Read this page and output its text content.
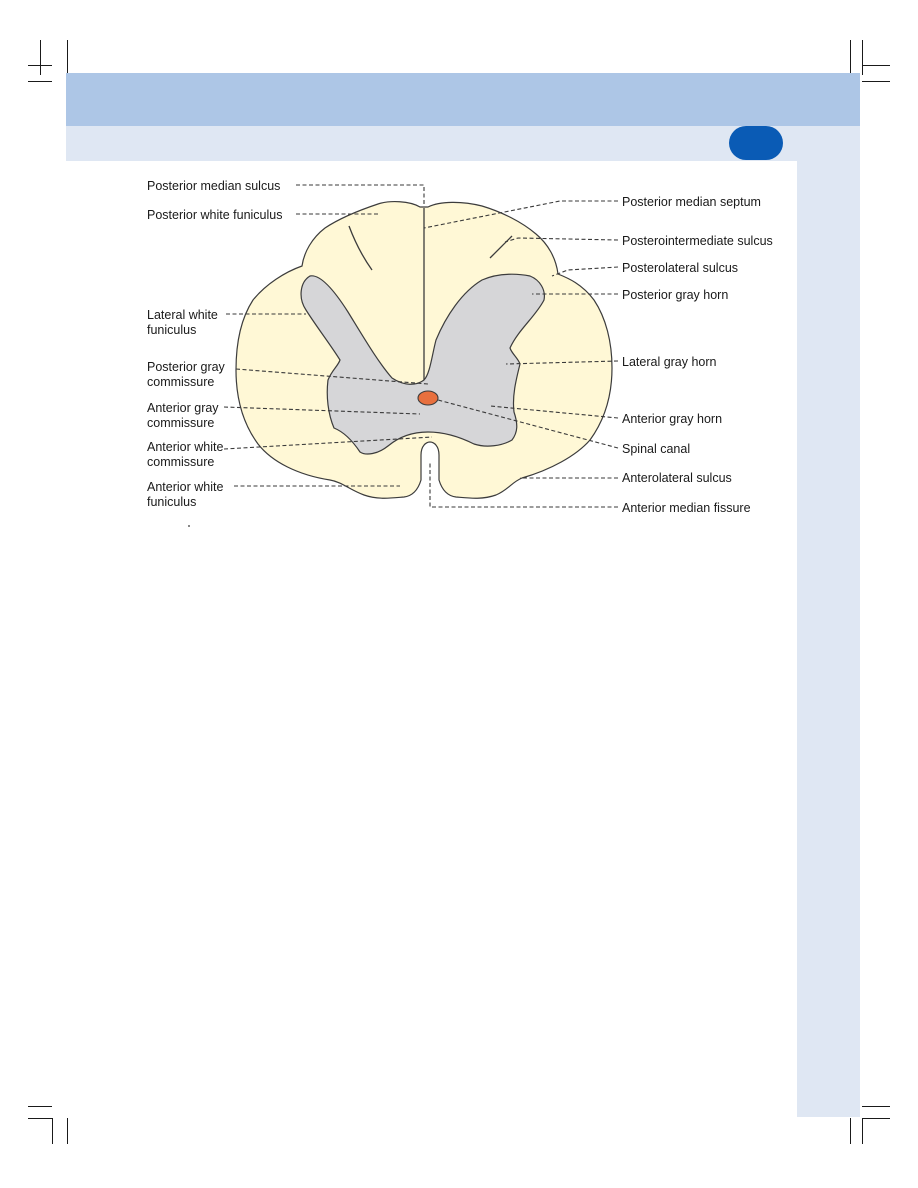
Posterior median sulcus
Posterior white funiculus
Lateral white
funiculus
Posterior gray
commissure
Anterior gray
commissure
Anterior white
commissure
Anterior white
funiculus
Posterior median septum
Posterointermediate sulcus
Posterolateral sulcus
Posterior gray horn
Lateral gray horn
Anterior gray horn
Spinal canal
Anterolateral sulcus
Anterior median fissure
